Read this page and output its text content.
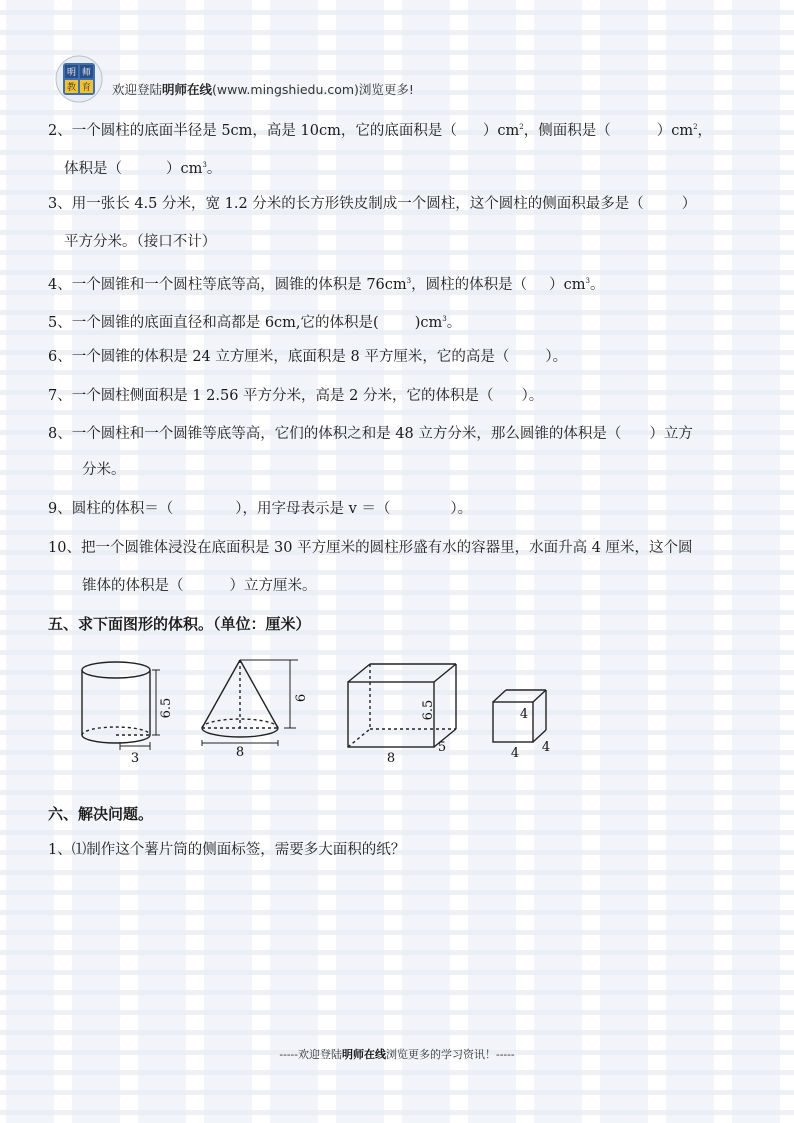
明 师
教 育 欢迎登陆明师在线(www.mingshiedu.com)浏览更多!
2、一个圆柱的底面半径是 5cm，高是 10cm，它的底面积是（ ）$cm^2$，侧面积是（	）$cm^2$，
体积是（	）$cm^3$。
3、用一张长 4.5 分米，宽 1.2 分米的长方形铁皮制成一个圆柱，这个圆柱的侧面积最多是（	）
平方分米。（接口不计）
4、一个圆锥和一个圆柱等底等高，圆锥的体积是 $76cm^3$，圆柱的体积是（ ）$cm^3$。
5、一个圆锥的底面直径和高都是 6cm,它的体积是( )$cm^3$。
6、一个圆锥的体积是 24 立方厘米，底面积是 8 平方厘米，它的高是（ ）。
7、一个圆柱侧面积是 1 2.56 平方分米，高是 2 分米，它的体积是（ ）。
8、一个圆柱和一个圆锥等底等高，它们的体积之和是 48 立方分米，那么圆锥的体积是（ ）立方
分米。
9、圆柱的体积＝（	），用字母表示是 v ＝（	）。
10、把一个圆锥体浸没在底面积是 30 平方厘米的圆柱形盛有水的容器里，水面升高 4 厘米，这个圆
锥体的体积是（	）立方厘米。
五、求下面图形的体积。（单位：厘米）
6.5
3
6
8
6.5
8
5
4
4 4
六、解决问题。
1、⑴制作这个薯片筒的侧面标签，需要多大面积的纸？
-----欢迎登陆明师在线浏览更多的学习资讯！-----
